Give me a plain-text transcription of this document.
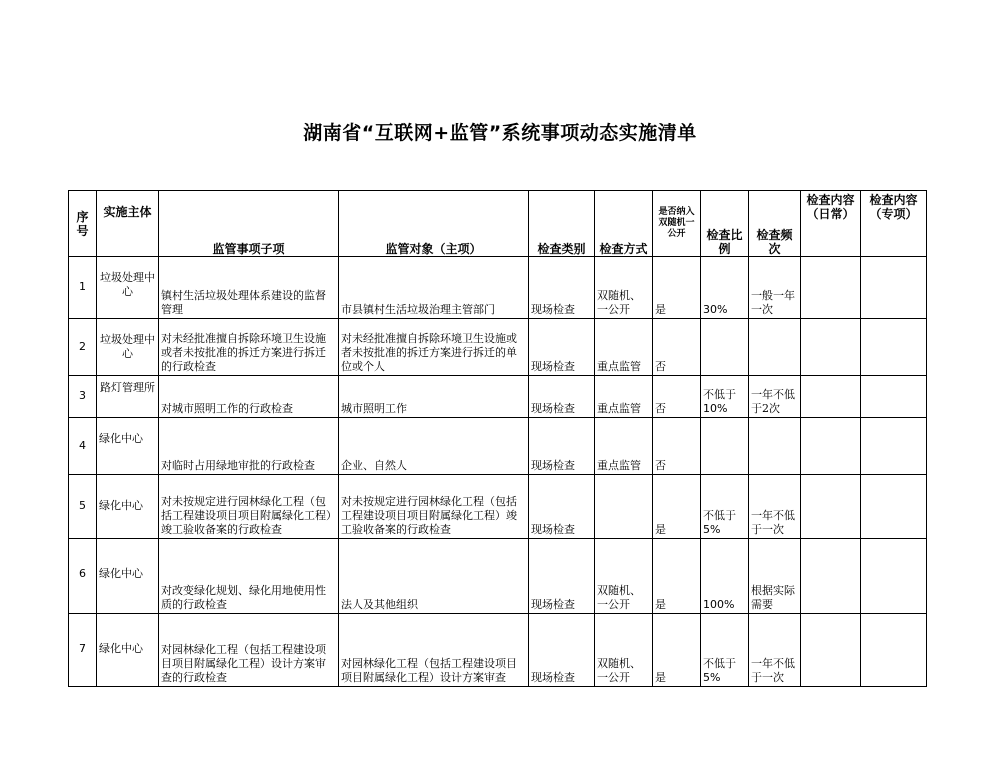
湖南省“互联网+监管”系统事项动态实施清单
序号	实施主体	监管事项子项	监管对象（主项）	检查类别	检查方式	是否纳入双随机一公开	检查比例	检查频次	检查内容（日常）	检查内容（专项）
1	垃圾处理中心	镇村生活垃圾处理体系建设的监督管理	市县镇村生活垃圾治理主管部门	现场检查	双随机、一公开	是	30%	一般一年一次		
2	垃圾处理中心	对未经批准擅自拆除环境卫生设施或者未按批准的拆迁方案进行拆迁的行政检查	对未经批准擅自拆除环境卫生设施或者未按批准的拆迁方案进行拆迁的单位或个人	现场检查	重点监管	否				
3	路灯管理所	对城市照明工作的行政检查	城市照明工作	现场检查	重点监管	否	不低于10%	一年不低于2次		
4	绿化中心	对临时占用绿地审批的行政检查	企业、自然人	现场检查	重点监管	否				
5	绿化中心	对未按规定进行园林绿化工程（包括工程建设项目项目附属绿化工程）竣工验收备案的行政检查	对未按规定进行园林绿化工程（包括工程建设项目项目附属绿化工程）竣工验收备案的行政检查	现场检查		是	不低于5%	一年不低于一次		
6	绿化中心	对改变绿化规划、绿化用地使用性质的行政检查	法人及其他组织	现场检查	双随机、一公开	是	100%	根据实际需要		
7	绿化中心	对园林绿化工程（包括工程建设项目项目附属绿化工程）设计方案审查的行政检查	对园林绿化工程（包括工程建设项目项目附属绿化工程）设计方案审查	现场检查	双随机、一公开	是	不低于5%	一年不低于一次		
